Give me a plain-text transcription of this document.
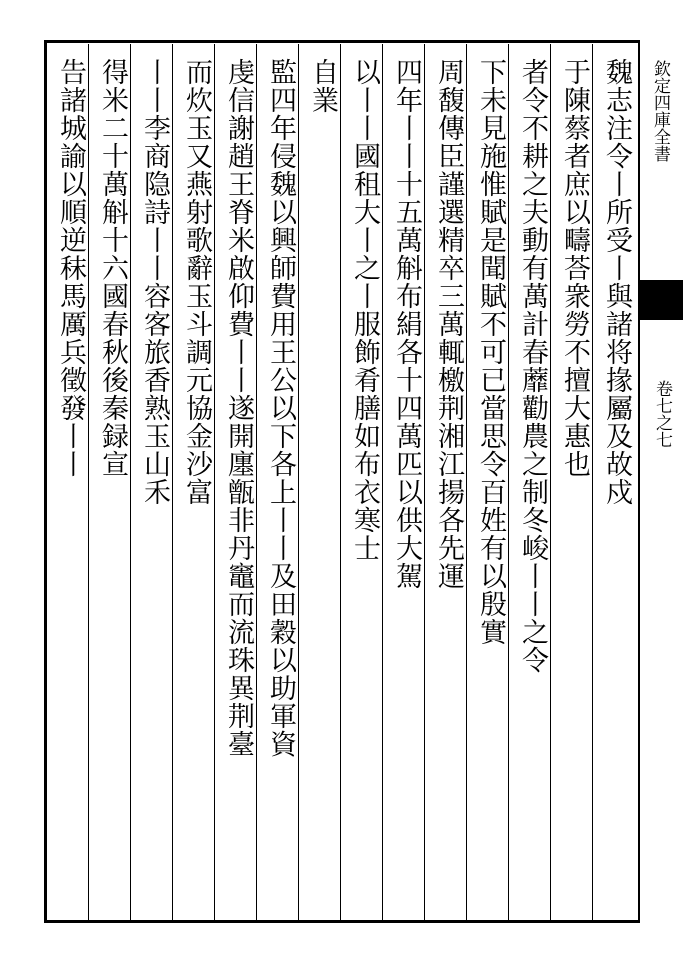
欽定四庫全書
卷七之七
魏志注令丨所受丨與諸将掾屬及故戍
于陳蔡者庶以疇荅衆勞不擅大惠也
者令不耕之夫動有萬計春蘼勸農之制冬峻丨丨之令
下未見施惟賦是聞賦不可已當思令百姓有以殷實
周馥傳臣謹選精卒三萬輒檄荆湘江揚各先運
四年丨丨十五萬斛布絹各十四萬匹以供大駕
以丨丨國租大丨之丨服飾肴膳如布衣寒士
自業
監四年侵魏以興師費用王公以下各上丨丨及田穀以助軍資
虔信謝趙王脊米啟仰費丨丨遂開廛甑非丹竈而流珠異荆臺
而炊玉又燕射歌辭玉斗調元協金沙富
丨丨李商隐詩丨丨容客旅香熟玉山禾
得米二十萬斛十六國春秋後秦録宣
告諸城諭以順逆秣馬厲兵徵發丨丨
